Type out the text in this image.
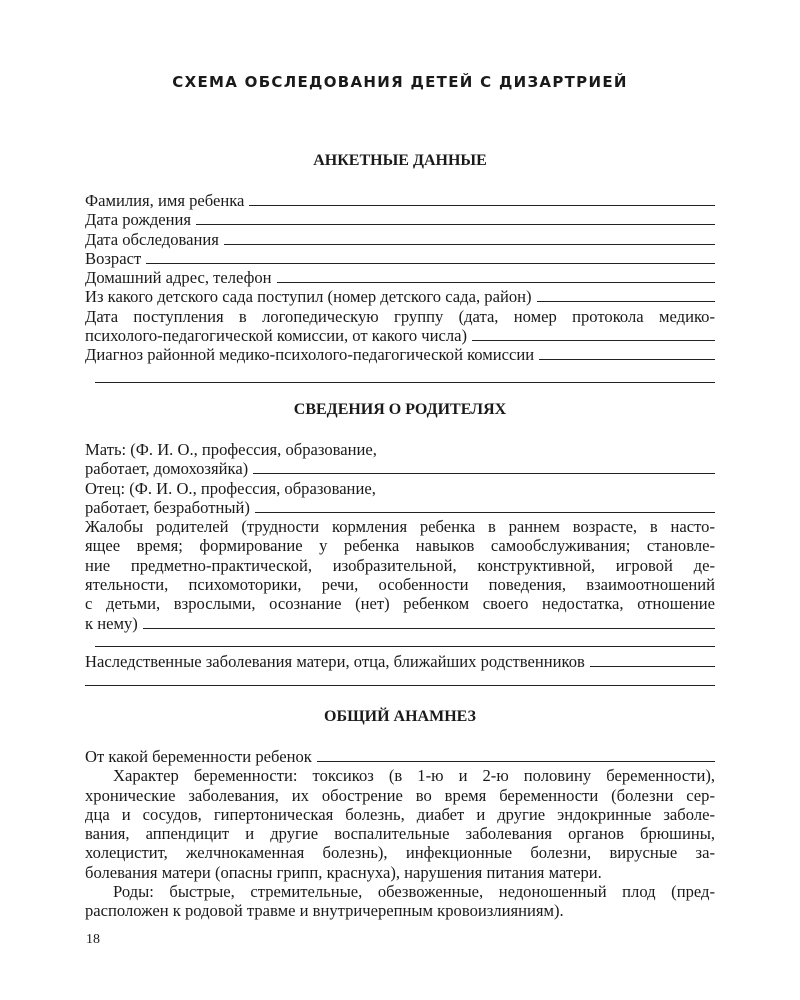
СХЕМА ОБСЛЕДОВАНИЯ ДЕТЕЙ С ДИЗАРТРИЕЙ
АНКЕТНЫЕ ДАННЫЕ
Фамилия, имя ребенка
Дата рождения
Дата обследования
Возраст
Домашний адрес, телефон
Из какого детского сада поступил (номер детского сада, район)
Дата поступления в логопедическую группу (дата, номер протокола медико-
психолого-педагогической комиссии, от какого числа)
Диагноз районной медико-психолого-педагогической комиссии
СВЕДЕНИЯ О РОДИТЕЛЯХ
Мать: (Ф. И. О., профессия, образование,
работает, домохозяйка)
Отец: (Ф. И. О., профессия, образование,
работает, безработный)
Жалобы родителей (трудности кормления ребенка в раннем возрасте, в насто-
ящее время; формирование у ребенка навыков самообслуживания; становле-
ние предметно-практической, изобразительной, конструктивной, игровой де-
ятельности, психомоторики, речи, особенности поведения, взаимоотношений
с детьми, взрослыми, осознание (нет) ребенком своего недостатка, отношение
к нему)
Наследственные заболевания матери, отца, ближайших родственников
ОБЩИЙ АНАМНЕЗ
От какой беременности ребенок
Характер беременности: токсикоз (в 1-ю и 2-ю половину беременности),
хронические заболевания, их обострение во время беременности (болезни сер-
дца и сосудов, гипертоническая болезнь, диабет и другие эндокринные заболе-
вания, аппендицит и другие воспалительные заболевания органов брюшины,
холецистит, желчнокаменная болезнь), инфекционные болезни, вирусные за-
болевания матери (опасны грипп, краснуха), нарушения питания матери.
Роды: быстрые, стремительные, обезвоженные, недоношенный плод (пред-
расположен к родовой травме и внутричерепным кровоизлияниям).
18
